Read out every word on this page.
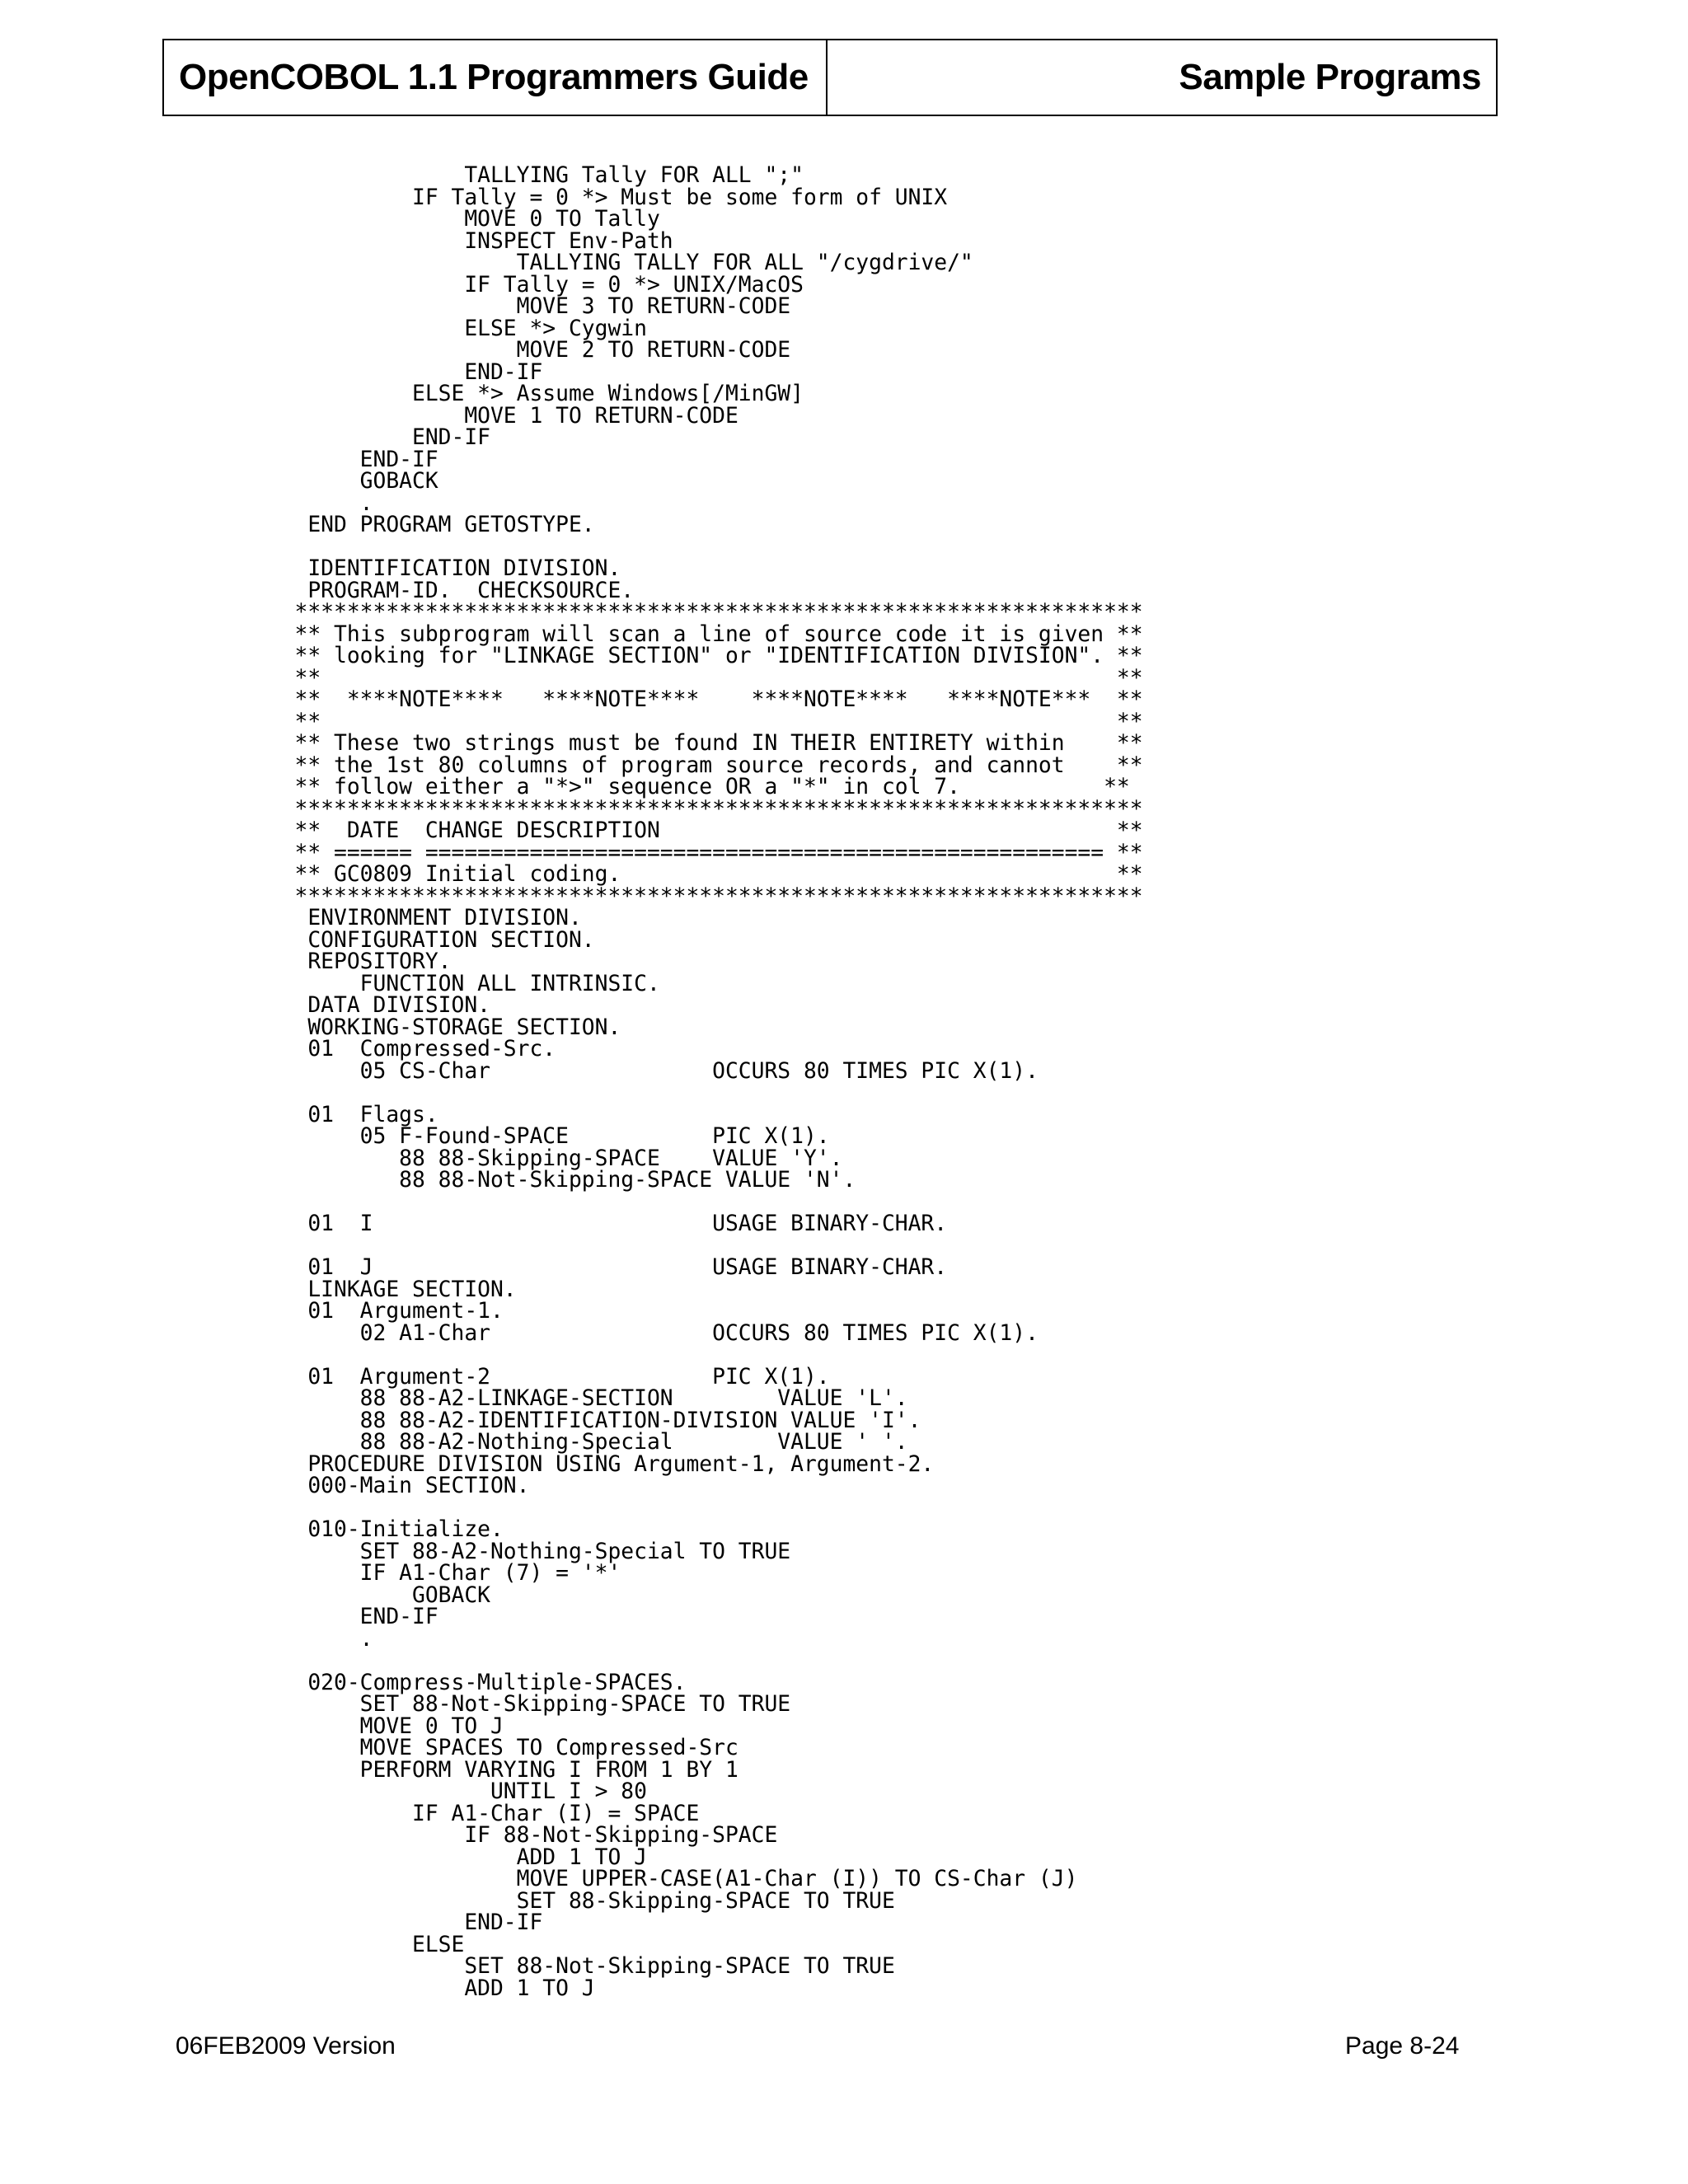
OpenCOBOL 1.1 Programmers Guide	Sample Programs
TALLYING Tally FOR ALL ";"
IF Tally = 0 *> Must be some form of UNIX
MOVE 0 TO Tally
INSPECT Env-Path
TALLYING TALLY FOR ALL "/cygdrive/"
IF Tally = 0 *> UNIX/MacOS
MOVE 3 TO RETURN-CODE
ELSE *> Cygwin
MOVE 2 TO RETURN-CODE
END-IF
ELSE *> Assume Windows[/MinGW]
MOVE 1 TO RETURN-CODE
END-IF
END-IF
GOBACK
.
END PROGRAM GETOSTYPE.

IDENTIFICATION DIVISION.
PROGRAM-ID.  CHECKSOURCE.
*****************************************************************
** This subprogram will scan a line of source code it is given **
** looking for "LINKAGE SECTION" or "IDENTIFICATION DIVISION". **
**                                                             **
**  ****NOTE****   ****NOTE****    ****NOTE****   ****NOTE***  **
**                                                             **
** These two strings must be found IN THEIR ENTIRETY within    **
** the 1st 80 columns of program source records, and cannot    **
** follow either a "*>" sequence OR a "*" in col 7.           **
*****************************************************************
**  DATE  CHANGE DESCRIPTION                                   **
** ====== ==================================================== **
** GC0809 Initial coding.                                      **
*****************************************************************
ENVIRONMENT DIVISION.
CONFIGURATION SECTION.
REPOSITORY.
FUNCTION ALL INTRINSIC.
DATA DIVISION.
WORKING-STORAGE SECTION.
01  Compressed-Src.
05 CS-Char                 OCCURS 80 TIMES PIC X(1).

01  Flags.
05 F-Found-SPACE           PIC X(1).
88 88-Skipping-SPACE    VALUE 'Y'.
88 88-Not-Skipping-SPACE VALUE 'N'.

01  I                          USAGE BINARY-CHAR.

01  J                          USAGE BINARY-CHAR.
LINKAGE SECTION.
01  Argument-1.
02 A1-Char                 OCCURS 80 TIMES PIC X(1).

01  Argument-2                 PIC X(1).
88 88-A2-LINKAGE-SECTION        VALUE 'L'.
88 88-A2-IDENTIFICATION-DIVISION VALUE 'I'.
88 88-A2-Nothing-Special        VALUE ' '.
PROCEDURE DIVISION USING Argument-1, Argument-2.
000-Main SECTION.

010-Initialize.
SET 88-A2-Nothing-Special TO TRUE
IF A1-Char (7) = '*'
GOBACK
END-IF
.

020-Compress-Multiple-SPACES.
SET 88-Not-Skipping-SPACE TO TRUE
MOVE 0 TO J
MOVE SPACES TO Compressed-Src
PERFORM VARYING I FROM 1 BY 1
UNTIL I > 80
IF A1-Char (I) = SPACE
IF 88-Not-Skipping-SPACE
ADD 1 TO J
MOVE UPPER-CASE(A1-Char (I)) TO CS-Char (J)
SET 88-Skipping-SPACE TO TRUE
END-IF
ELSE
SET 88-Not-Skipping-SPACE TO TRUE
ADD 1 TO J

06FEB2009 Version	Page 8-24
